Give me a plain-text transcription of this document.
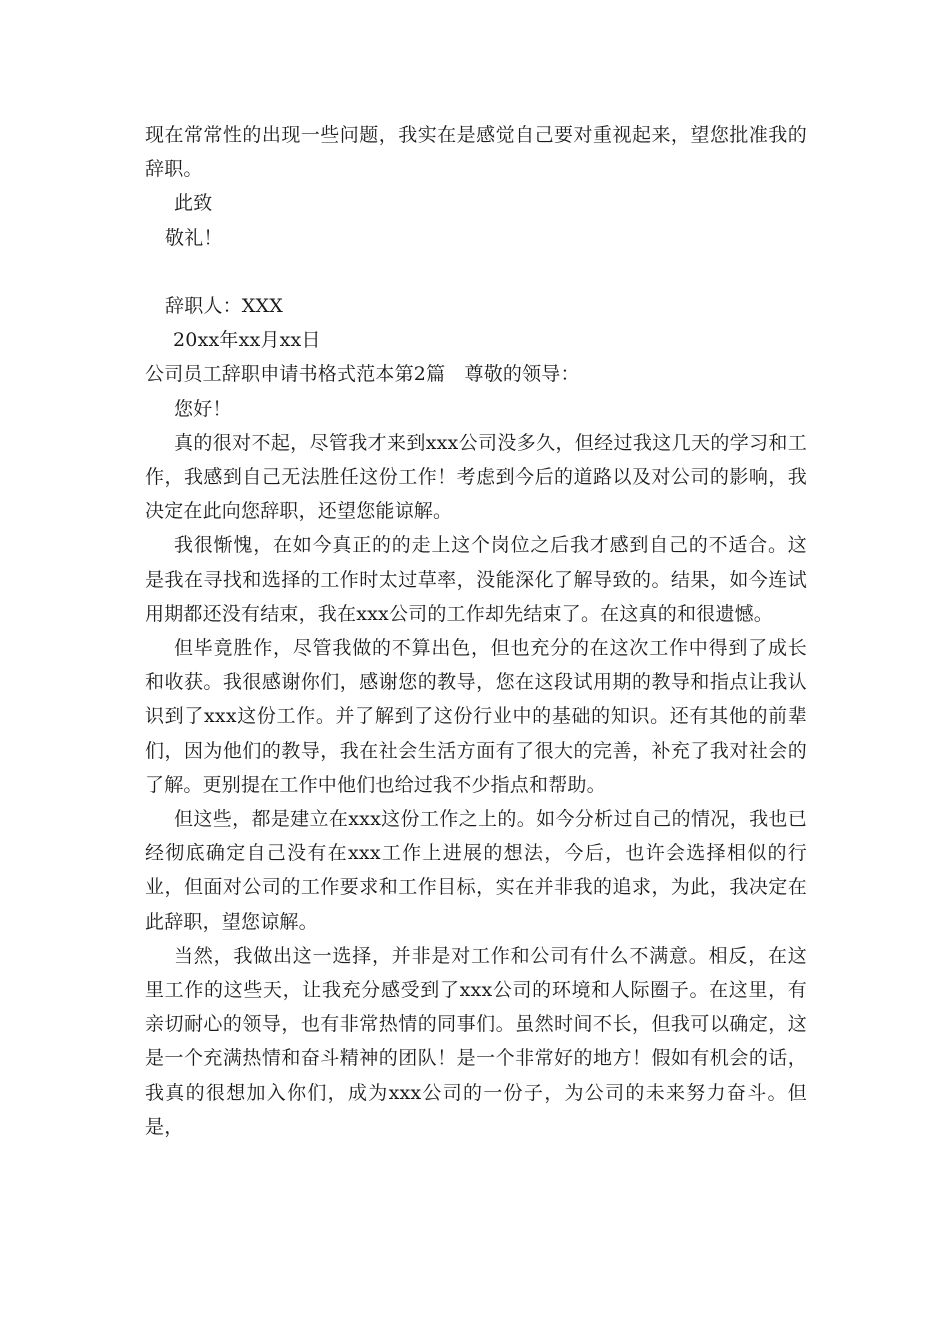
现在常常性的出现一些问题，我实在是感觉自己要对重视起来，望您批准我的辞职。

此致

敬礼！

辞职人：XXX

20xx年xx月xx日

公司员工辞职申请书格式范本第2篇　尊敬的领导：

您好！

真的很对不起，尽管我才来到xxx公司没多久，但经过我这几天的学习和工作，我感到自己无法胜任这份工作！考虑到今后的道路以及对公司的影响，我决定在此向您辞职，还望您能谅解。

我很惭愧，在如今真正的的走上这个岗位之后我才感到自己的不适合。这是我在寻找和选择的工作时太过草率，没能深化了解导致的。结果，如今连试用期都还没有结束，我在xxx公司的工作却先结束了。在这真的和很遗憾。

但毕竟胜作，尽管我做的不算出色，但也充分的在这次工作中得到了成长和收获。我很感谢你们，感谢您的教导，您在这段试用期的教导和指点让我认识到了xxx这份工作。并了解到了这份行业中的基础的知识。还有其他的前辈们，因为他们的教导，我在社会生活方面有了很大的完善，补充了我对社会的了解。更别提在工作中他们也给过我不少指点和帮助。

但这些，都是建立在xxx这份工作之上的。如今分析过自己的情况，我也已经彻底确定自己没有在xxx工作上进展的想法，今后，也许会选择相似的行业，但面对公司的工作要求和工作目标，实在并非我的追求，为此，我决定在此辞职，望您谅解。

当然，我做出这一选择，并非是对工作和公司有什么不满意。相反，在这里工作的这些天，让我充分感受到了xxx公司的环境和人际圈子。在这里，有亲切耐心的领导，也有非常热情的同事们。虽然时间不长，但我可以确定，这是一个充满热情和奋斗精神的团队！是一个非常好的地方！假如有机会的话，我真的很想加入你们，成为xxx公司的一份子，为公司的未来努力奋斗。但是，
